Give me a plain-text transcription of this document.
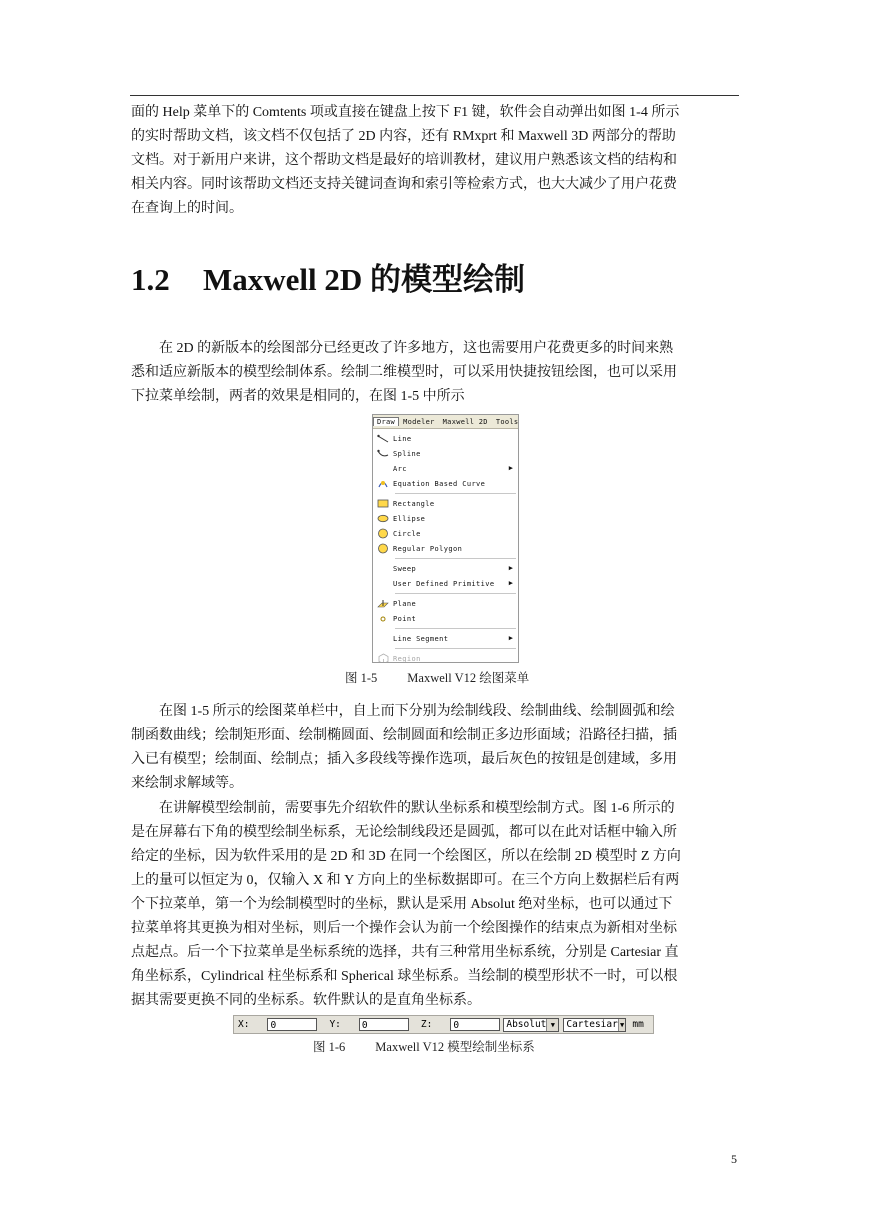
面的 Help 菜单下的 Comtents 项或直接在键盘上按下 F1 键，软件会自动弹出如图 1-4 所示
的实时帮助文档，该文档不仅包括了 2D 内容，还有 RMxprt 和 Maxwell 3D 两部分的帮助
文档。对于新用户来讲，这个帮助文档是最好的培训教材，建议用户熟悉该文档的结构和
相关内容。同时该帮助文档还支持关键词查询和索引等检索方式，也大大减少了用户花费
在查询上的时间。
1.2 Maxwell 2D 的模型绘制
在 2D 的新版本的绘图部分已经更改了许多地方，这也需要用户花费更多的时间来熟
悉和适应新版本的模型绘制体系。绘制二维模型时，可以采用快捷按钮绘图，也可以采用
下拉菜单绘制，两者的效果是相同的，在图 1-5 中所示
Draw	Modeler	Maxwell 2D	Tools
Line
Spline
Arc	▶
Equation Based Curve
Rectangle
Ellipse
Circle
Regular Polygon
Sweep	▶
User Defined Primitive ▶
Plane
Point
Line Segment	▶
Region
图 1-5 Maxwell V12 绘图菜单
在图 1-5 所示的绘图菜单栏中，自上而下分别为绘制线段、绘制曲线、绘制圆弧和绘
制函数曲线；绘制矩形面、绘制椭圆面、绘制圆面和绘制正多边形面域；沿路径扫描，插
入已有模型；绘制面、绘制点；插入多段线等操作选项，最后灰色的按钮是创建域，多用
来绘制求解域等。
在讲解模型绘制前，需要事先介绍软件的默认坐标系和模型绘制方式。图 1-6 所示的
是在屏幕右下角的模型绘制坐标系，无论绘制线段还是圆弧，都可以在此对话框中输入所
给定的坐标，因为软件采用的是 2D 和 3D 在同一个绘图区，所以在绘制 2D 模型时 Z 方向
上的量可以恒定为 0，仅输入 X 和 Y 方向上的坐标数据即可。在三个方向上数据栏后有两
个下拉菜单，第一个为绘制模型时的坐标，默认是采用 Absolut 绝对坐标，也可以通过下
拉菜单将其更换为相对坐标，则后一个操作会认为前一个绘图操作的结束点为新相对坐标
点起点。后一个下拉菜单是坐标系统的选择，共有三种常用坐标系统，分别是 Cartesiar 直
角坐标系，Cylindrical 柱坐标系和 Spherical 球坐标系。当绘制的模型形状不一时，可以根
据其需要更换不同的坐标系。软件默认的是直角坐标系。
X:	0	Y:	0	Z:	0	Absolut ▼	Cartesiar ▼ mm
图 1-6 Maxwell V12 模型绘制坐标系
5
